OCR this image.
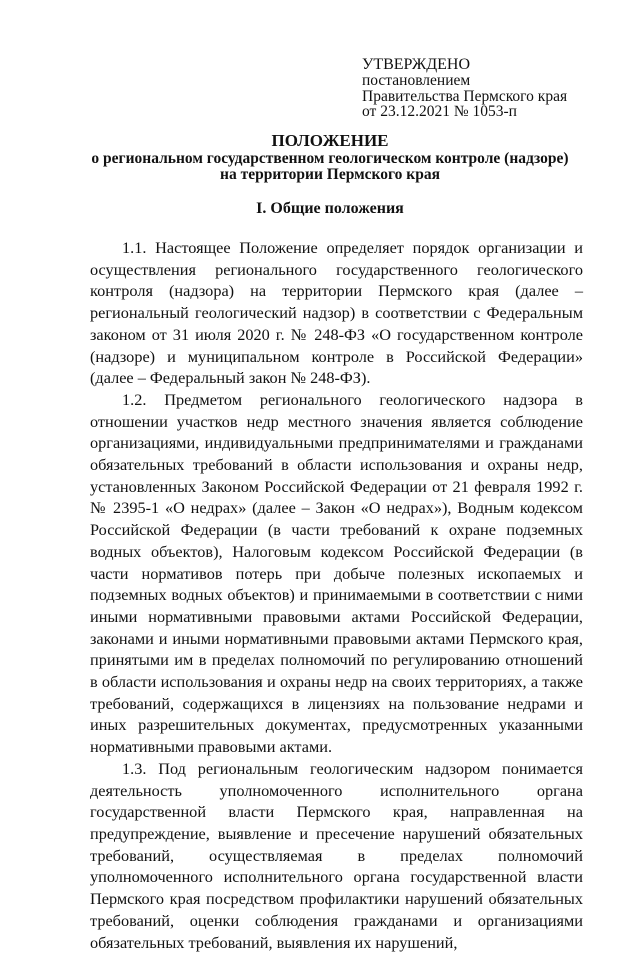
УТВЕРЖДЕНО
постановлением
Правительства Пермского края
от 23.12.2021 № 1053-п
ПОЛОЖЕНИЕ
о региональном государственном геологическом контроле (надзоре)
на территории Пермского края
I. Общие положения

1.1. Настоящее Положение определяет порядок организации и осуществления регионального государственного геологического контроля (надзора) на территории Пермского края (далее – региональный геологический надзор) в соответствии с Федеральным законом от 31 июля 2020 г. № 248-ФЗ «О государственном контроле (надзоре) и муниципальном контроле в Российской Федерации» (далее – Федеральный закон № 248-ФЗ).

1.2. Предметом регионального геологического надзора в отношении участков недр местного значения является соблюдение организациями, индивидуальными предпринимателями и гражданами обязательных требований в области использования и охраны недр, установленных Законом Российской Федерации от 21 февраля 1992 г. № 2395-1 «О недрах» (далее – Закон «О недрах»), Водным кодексом Российской Федерации (в части требований к охране подземных водных объектов), Налоговым кодексом Российской Федерации (в части нормативов потерь при добыче полезных ископаемых и подземных водных объектов) и принимаемыми в соответствии с ними иными нормативными правовыми актами Российской Федерации, законами и иными нормативными правовыми актами Пермского края, принятыми им в пределах полномочий по регулированию отношений в области использования и охраны недр на своих территориях, а также требований, содержащихся в лицензиях на пользование недрами и иных разрешительных документах, предусмотренных указанными нормативными правовыми актами.

1.3. Под региональным геологическим надзором понимается деятельность уполномоченного исполнительного органа государственной власти Пермского края, направленная на предупреждение, выявление и пресечение нарушений обязательных требований, осуществляемая в пределах полномочий уполномоченного исполнительного органа государственной власти Пермского края посредством профилактики нарушений обязательных требований, оценки соблюдения гражданами и организациями обязательных требований, выявления их нарушений,
